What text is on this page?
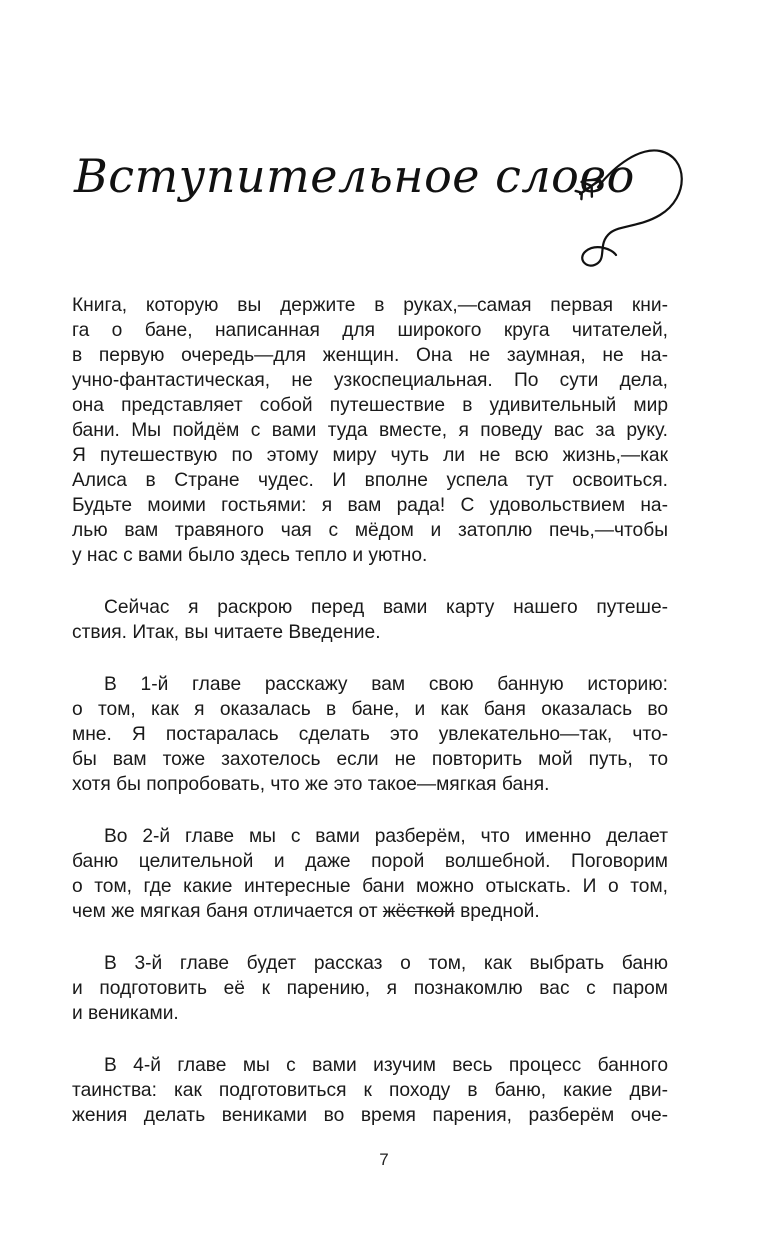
Вступительное слово
Книга, которую вы держите в руках,—самая первая кни-
га о бане, написанная для широкого круга читателей,
в первую очередь—для женщин. Она не заумная, не на-
учно-фантастическая, не узкоспециальная. По сути дела,
она представляет собой путешествие в удивительный мир
бани. Мы пойдём с вами туда вместе, я поведу вас за руку.
Я путешествую по этому миру чуть ли не всю жизнь,—как
Алиса в Стране чудес. И вполне успела тут освоиться.
Будьте моими гостьями: я вам рада! С удовольствием на-
лью вам травяного чая с мёдом и затоплю печь,—чтобы
у нас с вами было здесь тепло и уютно.
Сейчас я раскрою перед вами карту нашего путеше-
ствия. Итак, вы читаете Введение.
В 1-й главе расскажу вам свою банную историю:
о том, как я оказалась в бане, и как баня оказалась во
мне. Я постаралась сделать это увлекательно—так, что-
бы вам тоже захотелось если не повторить мой путь, то
хотя бы попробовать, что же это такое—мягкая баня.
Во 2-й главе мы с вами разберём, что именно делает
баню целительной и даже порой волшебной. Поговорим
о том, где какие интересные бани можно отыскать. И о том,
чем же мягкая баня отличается от жёсткой вредной.
В 3-й главе будет рассказ о том, как выбрать баню
и подготовить её к парению, я познакомлю вас с паром
и вениками.
В 4-й главе мы с вами изучим весь процесс банного
таинства: как подготовиться к походу в баню, какие дви-
жения делать вениками во время парения, разберём оче-
7
